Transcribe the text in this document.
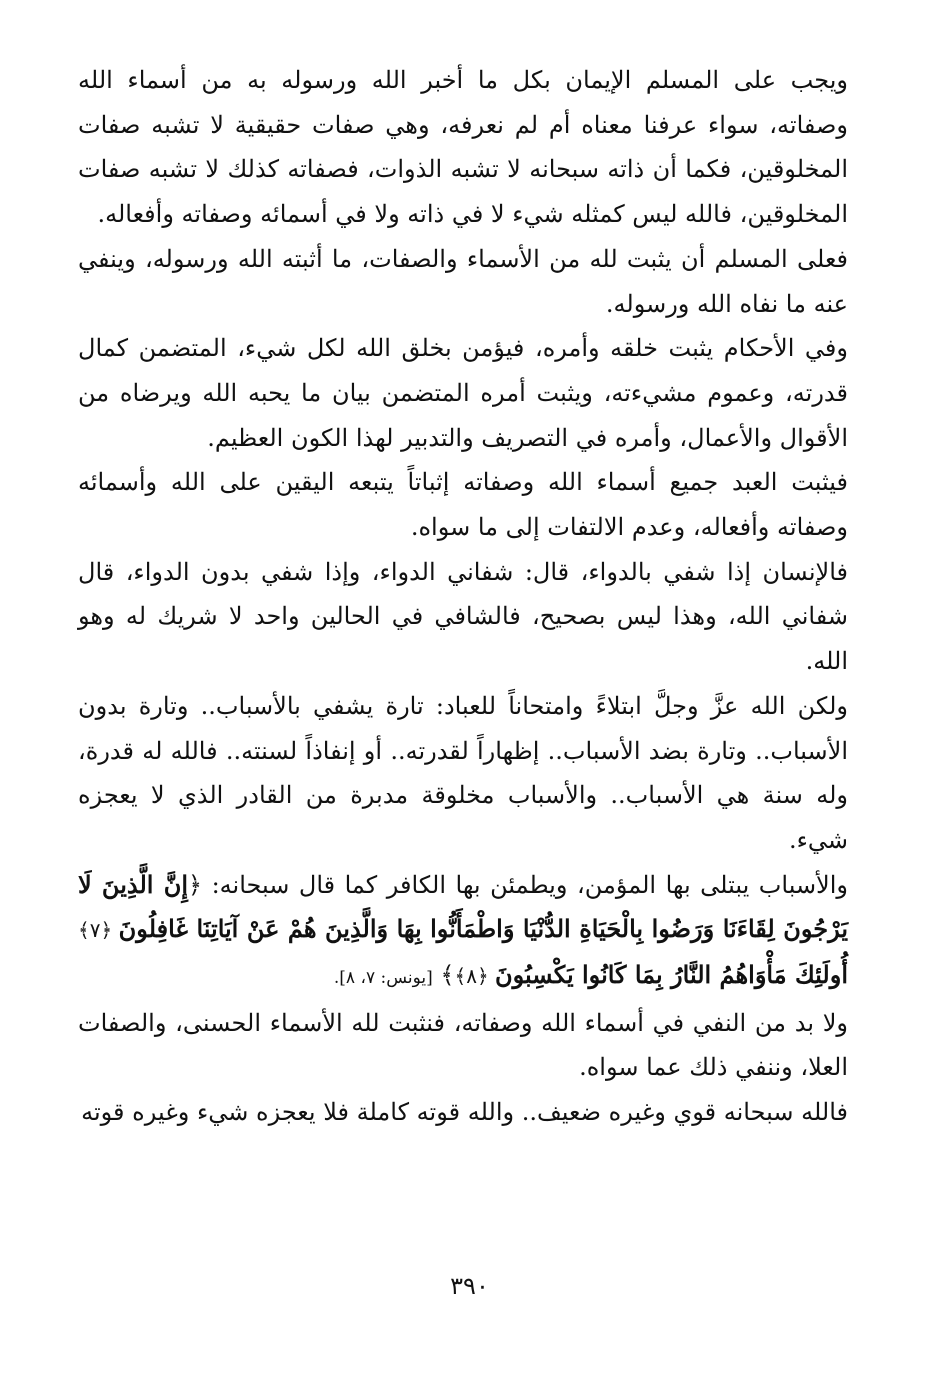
ويجب على المسلم الإيمان بكل ما أخبر الله ورسوله به من أسماء الله وصفاته، سواء عرفنا معناه أم لم نعرفه، وهي صفات حقيقية لا تشبه صفات المخلوقين، فكما أن ذاته سبحانه لا تشبه الذوات، فصفاته كذلك لا تشبه صفات المخلوقين، فالله ليس كمثله شيء لا في ذاته ولا في أسمائه وصفاته وأفعاله.

فعلى المسلم أن يثبت لله من الأسماء والصفات، ما أثبته الله ورسوله، وينفي عنه ما نفاه الله ورسوله.

وفي الأحكام يثبت خلقه وأمره، فيؤمن بخلق الله لكل شيء، المتضمن كمال قدرته، وعموم مشيءته، ويثبت أمره المتضمن بيان ما يحبه الله ويرضاه من الأقوال والأعمال، وأمره في التصريف والتدبير لهذا الكون العظيم.

فيثبت العبد جميع أسماء الله وصفاته إثباتاً يتبعه اليقين على الله وأسمائه وصفاته وأفعاله، وعدم الالتفات إلى ما سواه.

فالإنسان إذا شفي بالدواء، قال: شفاني الدواء، وإذا شفي بدون الدواء، قال شفاني الله، وهذا ليس بصحيح، فالشافي في الحالين واحد لا شريك له وهو الله.

ولكن الله عزَّ وجلَّ ابتلاءً وامتحاناً للعباد: تارة يشفي بالأسباب.. وتارة بدون الأسباب.. وتارة بضد الأسباب.. إظهاراً لقدرته.. أو إنفاذاً لسنته.. فالله له قدرة، وله سنة هي الأسباب.. والأسباب مخلوقة مدبرة من القادر الذي لا يعجزه شيء.

والأسباب يبتلى بها المؤمن، ويطمئن بها الكافر كما قال سبحانه: ﴿إِنَّ الَّذِينَ لَا يَرْجُونَ لِقَاءَنَا وَرَضُوا بِالْحَيَاةِ الدُّنْيَا وَاطْمَأَنُّوا بِهَا وَالَّذِينَ هُمْ عَنْ آيَاتِنَا غَافِلُونَ ﴿٧﴾ أُولَئِكَ مَأْوَاهُمُ النَّارُ بِمَا كَانُوا يَكْسِبُونَ ﴿٨﴾﴾ [يونس: ٧، ٨].

ولا بد من النفي في أسماء الله وصفاته، فنثبت لله الأسماء الحسنى، والصفات العلا، وننفي ذلك عما سواه.

فالله سبحانه قوي وغيره ضعيف.. والله قوته كاملة فلا يعجزه شيء وغيره قوته

٣٩٠
